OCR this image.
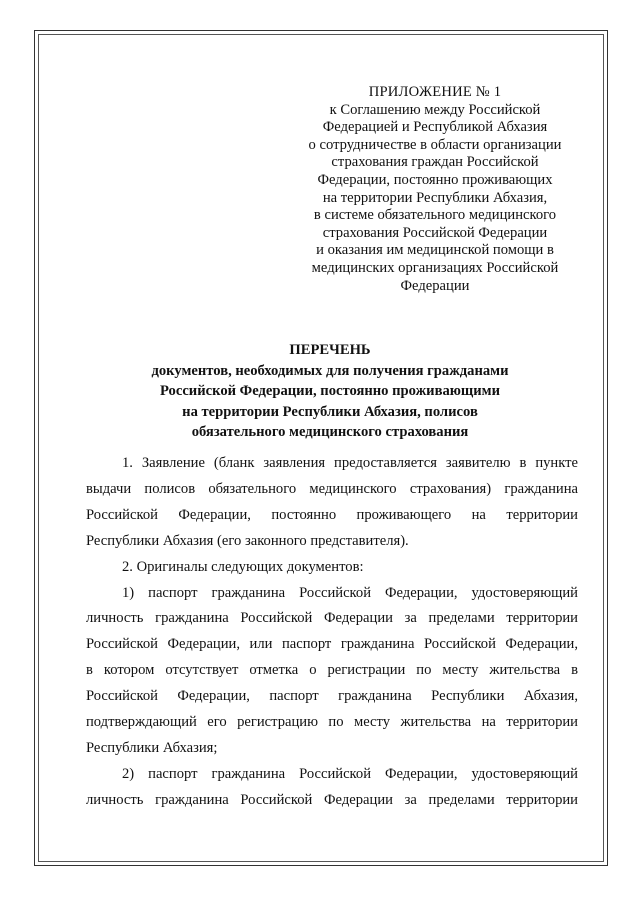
ПРИЛОЖЕНИЕ № 1
к Соглашению между Российской
Федерацией и Республикой Абхазия
о сотрудничестве в области организации
страхования граждан Российской
Федерации, постоянно проживающих
на территории Республики Абхазия,
в системе обязательного медицинского
страхования Российской Федерации
и оказания им медицинской помощи в
медицинских организациях Российской
Федерации
ПЕРЕЧЕНЬ
документов, необходимых для получения гражданами
Российской Федерации, постоянно проживающими
на территории Республики Абхазия, полисов
обязательного медицинского страхования
1. Заявление (бланк заявления предоставляется заявителю в пункте
выдачи полисов обязательного медицинского страхования) гражданина
Российской Федерации, постоянно проживающего на территории
Республики Абхазия (его законного представителя).
2. Оригиналы следующих документов:
1) паспорт гражданина Российской Федерации, удостоверяющий
личность гражданина Российской Федерации за пределами территории
Российской Федерации, или паспорт гражданина Российской Федерации,
в котором отсутствует отметка о регистрации по месту жительства в
Российской Федерации, паспорт гражданина Республики Абхазия,
подтверждающий его регистрацию по месту жительства на территории
Республики Абхазия;
2) паспорт гражданина Российской Федерации, удостоверяющий
личность гражданина Российской Федерации за пределами территории
